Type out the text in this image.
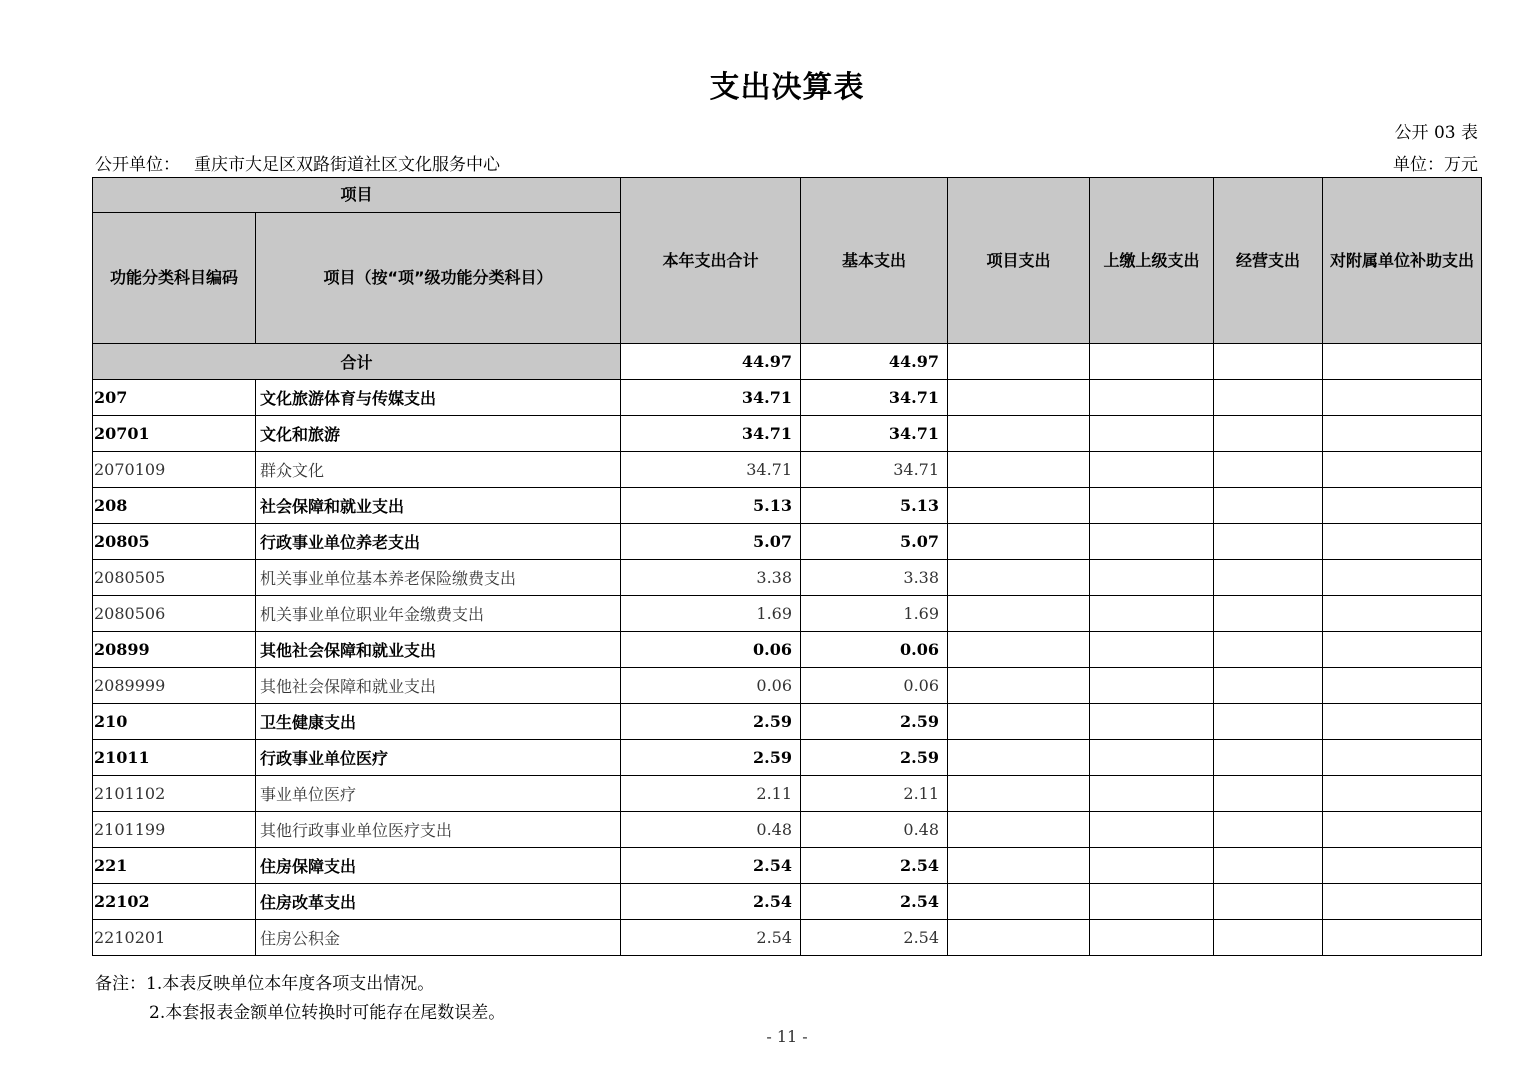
支出决算表
公开 03 表
公开单位： 重庆市大足区双路街道社区文化服务中心	单位：万元
项目		本年支出合计	基本支出	项目支出	上缴上级支出	经营支出	对附属单位补助支出
功能分类科目编码	项目（按“项”级功能分类科目）						
合计		44.97	44.97				
207	文化旅游体育与传媒支出	34.71	34.71				
20701	文化和旅游	34.71	34.71				
2070109	群众文化	34.71	34.71				
208	社会保障和就业支出	5.13	5.13				
20805	行政事业单位养老支出	5.07	5.07				
2080505	机关事业单位基本养老保险缴费支出	3.38	3.38				
2080506	机关事业单位职业年金缴费支出	1.69	1.69				
20899	其他社会保障和就业支出	0.06	0.06				
2089999	其他社会保障和就业支出	0.06	0.06				
210	卫生健康支出	2.59	2.59				
21011	行政事业单位医疗	2.59	2.59				
2101102	事业单位医疗	2.11	2.11				
2101199	其他行政事业单位医疗支出	0.48	0.48				
221	住房保障支出	2.54	2.54				
22102	住房改革支出	2.54	2.54				
2210201	住房公积金	2.54	2.54				
备注：1.本表反映单位本年度各项支出情况。
2.本套报表金额单位转换时可能存在尾数误差。
- 11 -
